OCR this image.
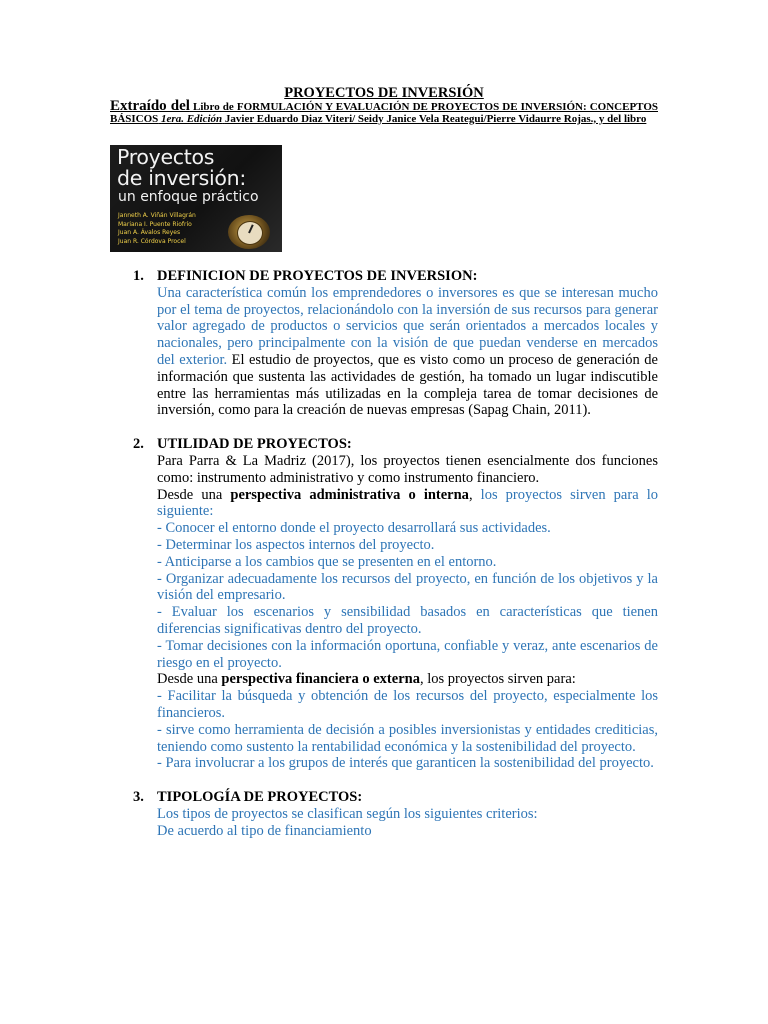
PROYECTOS DE INVERSIÓN
Extraído del Libro de FORMULACIÓN Y EVALUACIÓN DE PROYECTOS DE INVERSIÓN: CONCEPTOS BÁSICOS 1era. Edición Javier Eduardo Diaz Viteri/ Seidy Janice Vela Reategui/Pierre Vidaurre Rojas., y del libro
Proyectos
de inversión:
un enfoque práctico
Janneth A. Viñán Villagrán
Mariana I. Puente Riofrío
Juan A. Ávalos Reyes
Juan R. Córdova Procel
1. DEFINICION DE PROYECTOS DE INVERSION:

Una característica común los emprendedores o inversores es que se interesan mucho por el tema de proyectos, relacionándolo con la inversión de sus recursos para generar valor agregado de productos o servicios que serán orientados a mercados locales y nacionales, pero principalmente con la visión de que puedan venderse en mercados del exterior. El estudio de proyectos, que es visto como un proceso de generación de información que sustenta las actividades de gestión, ha tomado un lugar indiscutible entre las herramientas más utilizadas en la compleja tarea de tomar decisiones de inversión, como para la creación de nuevas empresas (Sapag Chain, 2011).

2. UTILIDAD DE PROYECTOS:

Para Parra & La Madriz (2017), los proyectos tienen esencialmente dos funciones como: instrumento administrativo y como instrumento financiero.

Desde una perspectiva administrativa o interna, los proyectos sirven para lo siguiente:

- Conocer el entorno donde el proyecto desarrollará sus actividades.

- Determinar los aspectos internos del proyecto.

- Anticiparse a los cambios que se presenten en el entorno.

- Organizar adecuadamente los recursos del proyecto, en función de los objetivos y la visión del empresario.

- Evaluar los escenarios y sensibilidad basados en características que tienen diferencias significativas dentro del proyecto.

- Tomar decisiones con la información oportuna, confiable y veraz, ante escenarios de riesgo en el proyecto.

Desde una perspectiva financiera o externa, los proyectos sirven para:

- Facilitar la búsqueda y obtención de los recursos del proyecto, especialmente los financieros.

- sirve como herramienta de decisión a posibles inversionistas y entidades crediticias, teniendo como sustento la rentabilidad económica y la sostenibilidad del proyecto.

- Para involucrar a los grupos de interés que garanticen la sostenibilidad del proyecto.

3. TIPOLOGÍA DE PROYECTOS:

Los tipos de proyectos se clasifican según los siguientes criterios:

De acuerdo al tipo de financiamiento
